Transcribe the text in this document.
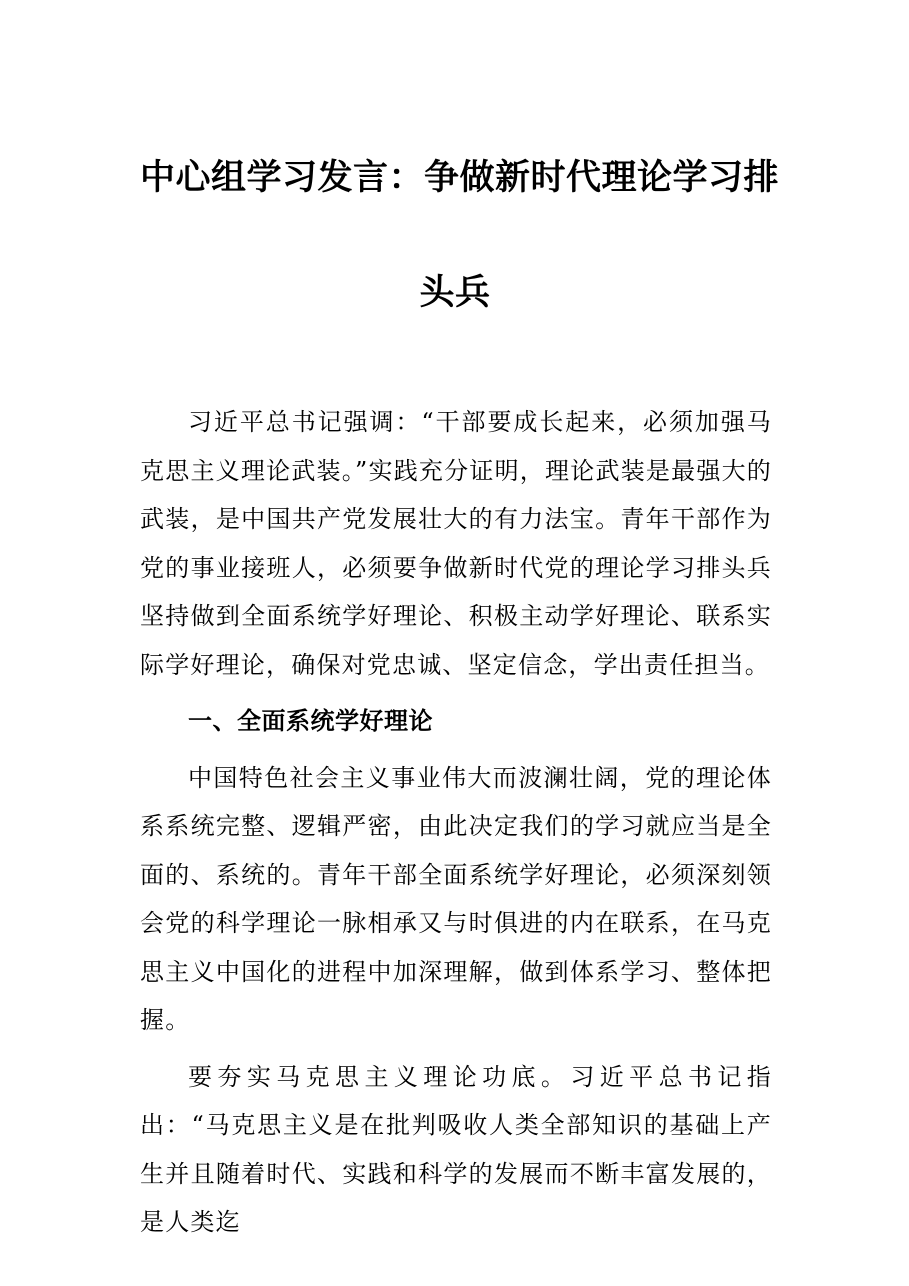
中心组学习发言：争做新时代理论学习排
头兵

习近平总书记强调：“干部要成长起来，必须加强马克思主义理论武装。”实践充分证明，理论武装是最强大的武装，是中国共产党发展壮大的有力法宝。青年干部作为党的事业接班人，必须要争做新时代党的理论学习排头兵坚持做到全面系统学好理论、积极主动学好理论、联系实际学好理论，确保对党忠诚、坚定信念，学出责任担当。

一、全面系统学好理论

中国特色社会主义事业伟大而波澜壮阔，党的理论体系系统完整、逻辑严密，由此决定我们的学习就应当是全面的、系统的。青年干部全面系统学好理论，必须深刻领会党的科学理论一脉相承又与时俱进的内在联系，在马克思主义中国化的进程中加深理解，做到体系学习、整体把握。

要夯实马克思主义理论功底。习近平总书记指出：“马克思主义是在批判吸收人类全部知识的基础上产生并且随着时代、实践和科学的发展而不断丰富发展的，是人类迄
